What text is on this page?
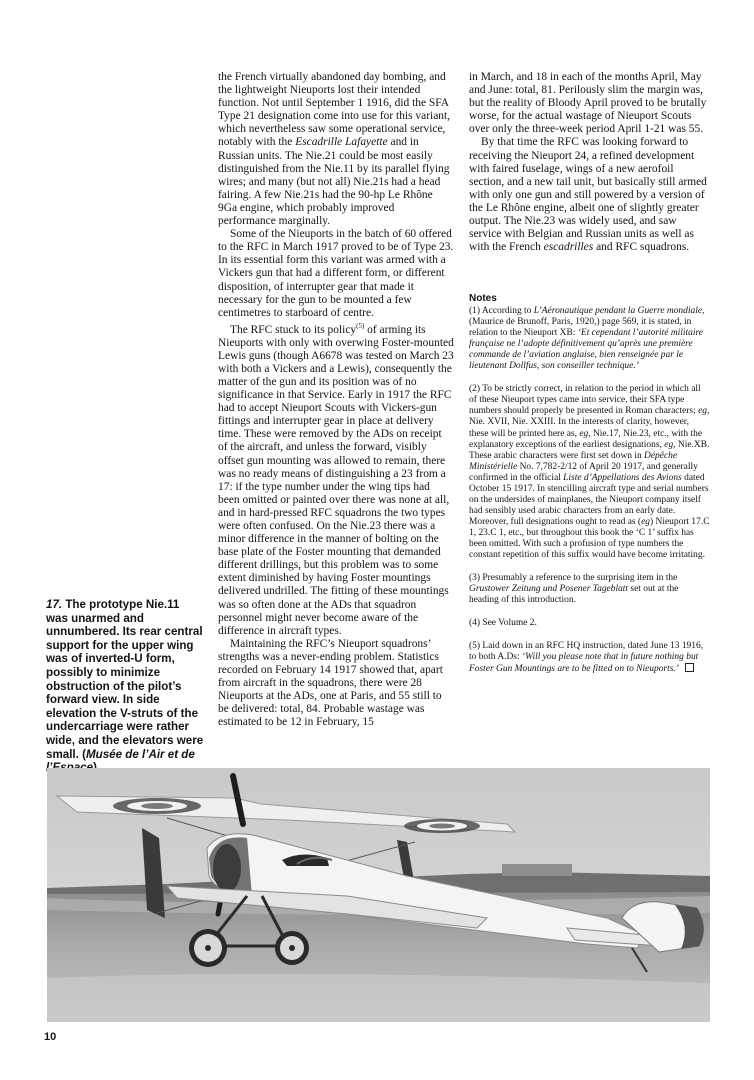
the French virtually abandoned day bombing, and the lightweight Nieuports lost their intended function. Not until September 1 1916, did the SFA Type 21 designation come into use for this variant, which nevertheless saw some operational service, notably with the Escadrille Lafayette and in Russian units. The Nie.21 could be most easily distinguished from the Nie.11 by its parallel flying wires; and many (but not all) Nie.21s had a head fairing. A few Nie.21s had the 90-hp Le Rhône 9Ga engine, which probably improved performance marginally.

Some of the Nieuports in the batch of 60 offered to the RFC in March 1917 proved to be of Type 23. In its essential form this variant was armed with a Vickers gun that had a different form, or different disposition, of interrupter gear that made it necessary for the gun to be mounted a few centimetres to starboard of centre.

The RFC stuck to its policy$^{(5)}$ of arming its Nieuports with only with overwing Foster-mounted Lewis guns (though A6678 was tested on March 23 with both a Vickers and a Lewis), consequently the matter of the gun and its position was of no significance in that Service. Early in 1917 the RFC had to accept Nieuport Scouts with Vickers-gun fittings and interrupter gear in place at delivery time. These were removed by the ADs on receipt of the aircraft, and unless the forward, visibly offset gun mounting was allowed to remain, there was no ready means of distinguishing a 23 from a 17: if the type number under the wing tips had been omitted or painted over there was none at all, and in hard-pressed RFC squadrons the two types were often confused. On the Nie.23 there was a minor difference in the manner of bolting on the base plate of the Foster mounting that demanded different drillings, but this problem was to some extent diminished by having Foster mountings delivered undrilled. The fitting of these mountings was so often done at the ADs that squadron personnel might never become aware of the difference in aircraft types.

Maintaining the RFC’s Nieuport squadrons’ strengths was a never-ending problem. Statistics recorded on February 14 1917 showed that, apart from aircraft in the squadrons, there were 28 Nieuports at the ADs, one at Paris, and 55 still to be delivered: total, 84. Probable wastage was estimated to be 12 in February, 15

in March, and 18 in each of the months April, May and June: total, 81. Perilously slim the margin was, but the reality of Bloody April proved to be brutally worse, for the actual wastage of Nieuport Scouts over only the three-week period April 1-21 was 55.

By that time the RFC was looking forward to receiving the Nieuport 24, a refined development with faired fuselage, wings of a new aerofoil section, and a new tail unit, but basically still armed with only one gun and still powered by a version of the Le Rhône engine, albeit one of slightly greater output. The Nie.23 was widely used, and saw service with Belgian and Russian units as well as with the French escadrilles and RFC squadrons.

Notes

(1) According to L’Aéronautique pendant la Guerre mondiale, (Maurice de Brunoff, Paris, 1920,) page 569, it is stated, in relation to the Nieuport XB: ‘Et cependant l’autorité militaire française ne l’adopte définitivement qu’après une première commande de l’aviation anglaise, bien renseignée par le lieutenant Dollfus, son conseiller technique.’

(2) To be strictly correct, in relation to the period in which all of these Nieuport types came into service, their SFA type numbers should properly be presented in Roman characters; eg, Nie. XVII, Nie. XXIII. In the interests of clarity, however, these will be printed here as, eg, Nie.17, Nie.23, etc., with the explanatory exceptions of the earliest designations, eg, Nie.XB. These arabic characters were first set down in Dépêche Ministérielle No. 7,782-2/12 of April 20 1917, and generally confirmed in the official Liste d’Appellations des Avions dated October 15 1917. In stencilling aircraft type and serial numbers on the undersides of mainplanes, the Nieuport company itself had sensibly used arabic characters from an early date. Moreover, full designations ought to read as (eg) Nieuport 17.C 1, 23.C 1, etc., but throughout this book the ‘C 1’ suffix has been omitted. With such a profusion of type numbers the constant repetition of this suffix would have become irritating.

(3) Presumably a reference to the surprising item in the Grustower Zeitung und Posener Tageblatt set out at the heading of this introduction.

(4) See Volume 2.

(5) Laid down in an RFC HQ instruction, dated June 13 1916, to both A.Ds: ‘Will you please note that in future nothing but Foster Gun Mountings are to be fitted on to Nieuports.’

17. The prototype Nie.11 was unarmed and unnumbered. Its rear central support for the upper wing was of inverted-U form, possibly to minimize obstruction of the pilot’s forward view. In side elevation the V-struts of the undercarriage were rather wide, and the elevators were small. (Musée de l’Air et de
10
